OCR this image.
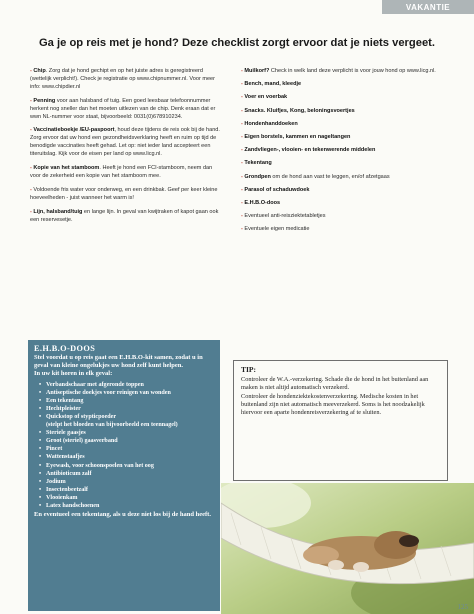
VAKANTIE
Ga je op reis met je hond? Deze checklist zorgt ervoor dat je niets vergeet.

- Chip. Zorg dat je hond gechipt en op het juiste adres is geregistreerd (wettelijk verplicht!). Check je registratie op www.chipnummer.nl. Voor meer info: www.chipdier.nl

- Penning voor aan halsband of tuig. Een goed leesbaar telefoonnummer herkent nog sneller dan het moeten uitlezen van de chip. Denk eraan dat er wwn NL-nummer voor staat, bijvoorbeeld: 0031(0)678910234.

- Vaccinatieboekje /EU-paspoort, houd deze tijdens de reis ook bij de hand. Zorg ervoor dat uw hond een gezondheidsverklaring heeft en ruim op tijd de benodigde vaccinaties heeft gehad. Let op: niet ieder land accepteert een titeruitslag. Kijk voor de eisen per land op www.licg.nl.

- Kopie van het stamboom. Heeft je hond een FCI-stamboom, neem dan voor de zekerheid een kopie van het stamboom mee.

- Voldoende fris water voor onderweg, en een drinkbak. Geef per keer kleine hoeveelheden - juist wanneer het warm is!

- Lijn, halsband/tuig en lange lijn. In geval van kwijtraken of kapot gaan ook een reservesetje.

- Muilkorf? Check in welk land deze verplicht is voor jouw hond op www.licg.nl.

- Bench, mand, kleedje

- Voer en voerbak

- Snacks. Kluifjes, Kong, beloningsvoertjes

- Hondenhanddoeken

- Eigen borstels, kammen en nageltangen

- Zandvliegen-, vlooien- en tekenwerende middelen

- Tekentang

- Grondpen om de hond aan vast te leggen, en/of afzetgaas

- Parasol of schaduwdoek

- E.H.B.O-doos

- Eventueel anti-reisziektetabletjes

- Eventuele eigen medicatie

E.H.B.O-DOOS

Stel voordat u op reis gaat een E.H.B.O-kit samen, zodat u in geval van kleine ongelukjes uw hond zelf kunt helpen.

In uw kit horen in elk geval:

• Verbandschaar met afgeronde toppen
• Antiseptische doekjes voor reinigen van wonden
• Een tekentang
• Hechtpleister
• Quickstop of stypticpoeder
(stelpt het bloeden van bijvoorbeeld een teennagel)
• Steriele gaasjes
• Groot (steriel) gaasverband
• Pincet
• Wattenstaafjes
• Eyewash, voor schoonspoelen van het oog
• Antibioticum zalf
• Jodium
• Insectenbeetzalf
• Vlooienkam
• Latex handschoenen

En eventueel een tekentang, als u deze niet los bij de hand heeft.

TIP:

Controleer de W.A.-verzekering. Schade die de hond in het buitenland aan maken is niet altijd automatisch verzekerd.

Controleer de hondenziektekostenverzekering. Medische kosten in het buitenland zijn niet automatisch meeverzekerd. Soms is het noodzakelijk hiervoor een aparte hondenreisverzekering af te sluiten.

125
